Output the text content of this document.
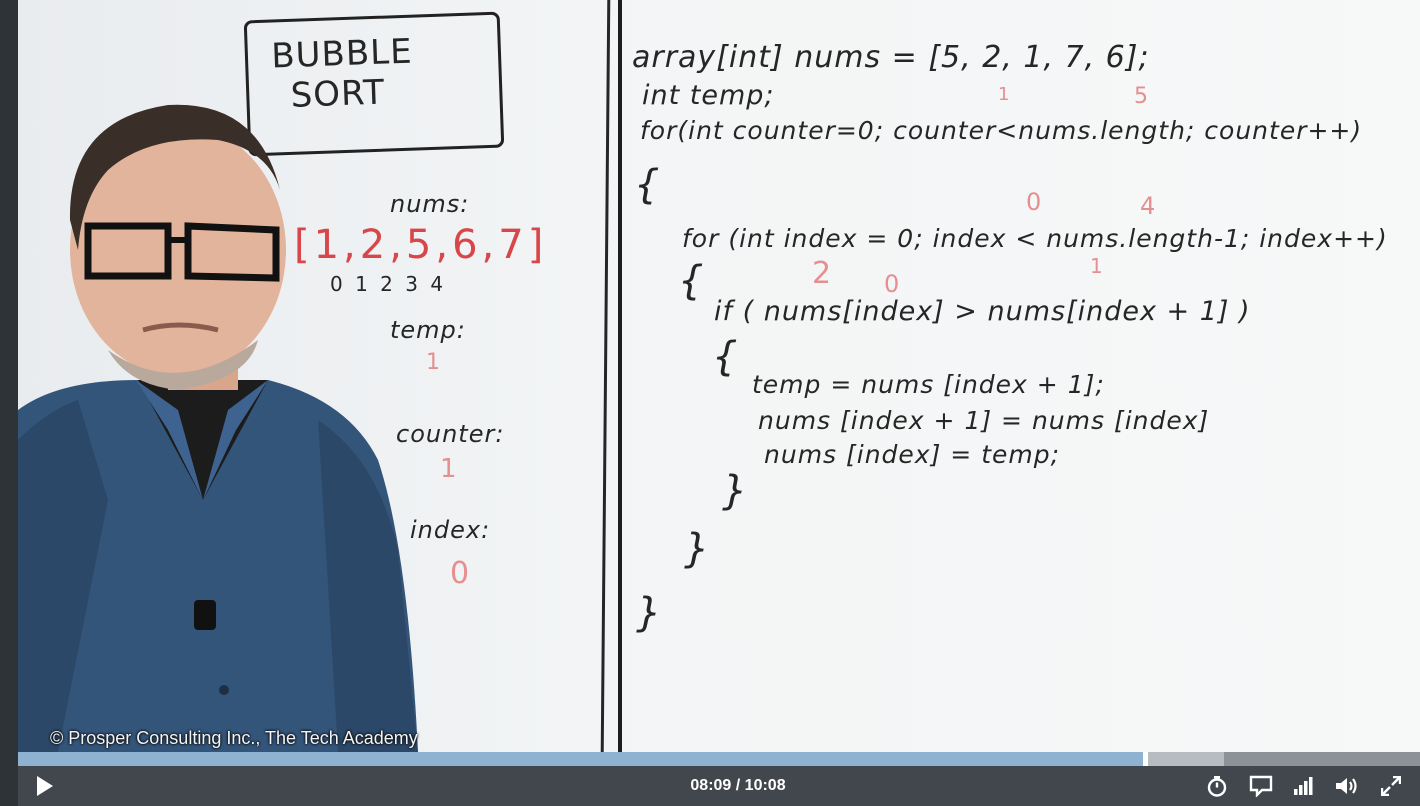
BUBBLE
SORT
nums:
[1,2,5,6,7]
0 1 2 3 4
temp:
1
counter:
1
index:
0
array[int] nums = [5, 2, 1, 7, 6];
int temp;
for(int counter=0; counter<nums.length; counter++)
{
for (int index = 0; index < nums.length-1; index++)
{
if ( nums[index] > nums[index + 1] )
{
temp = nums [index + 1];
nums [index + 1] = nums [index]
nums [index] = temp;
}
}
}
1	5
0	4
1
2 0
© Prosper Consulting Inc., The Tech Academy
08:09 / 10:08
